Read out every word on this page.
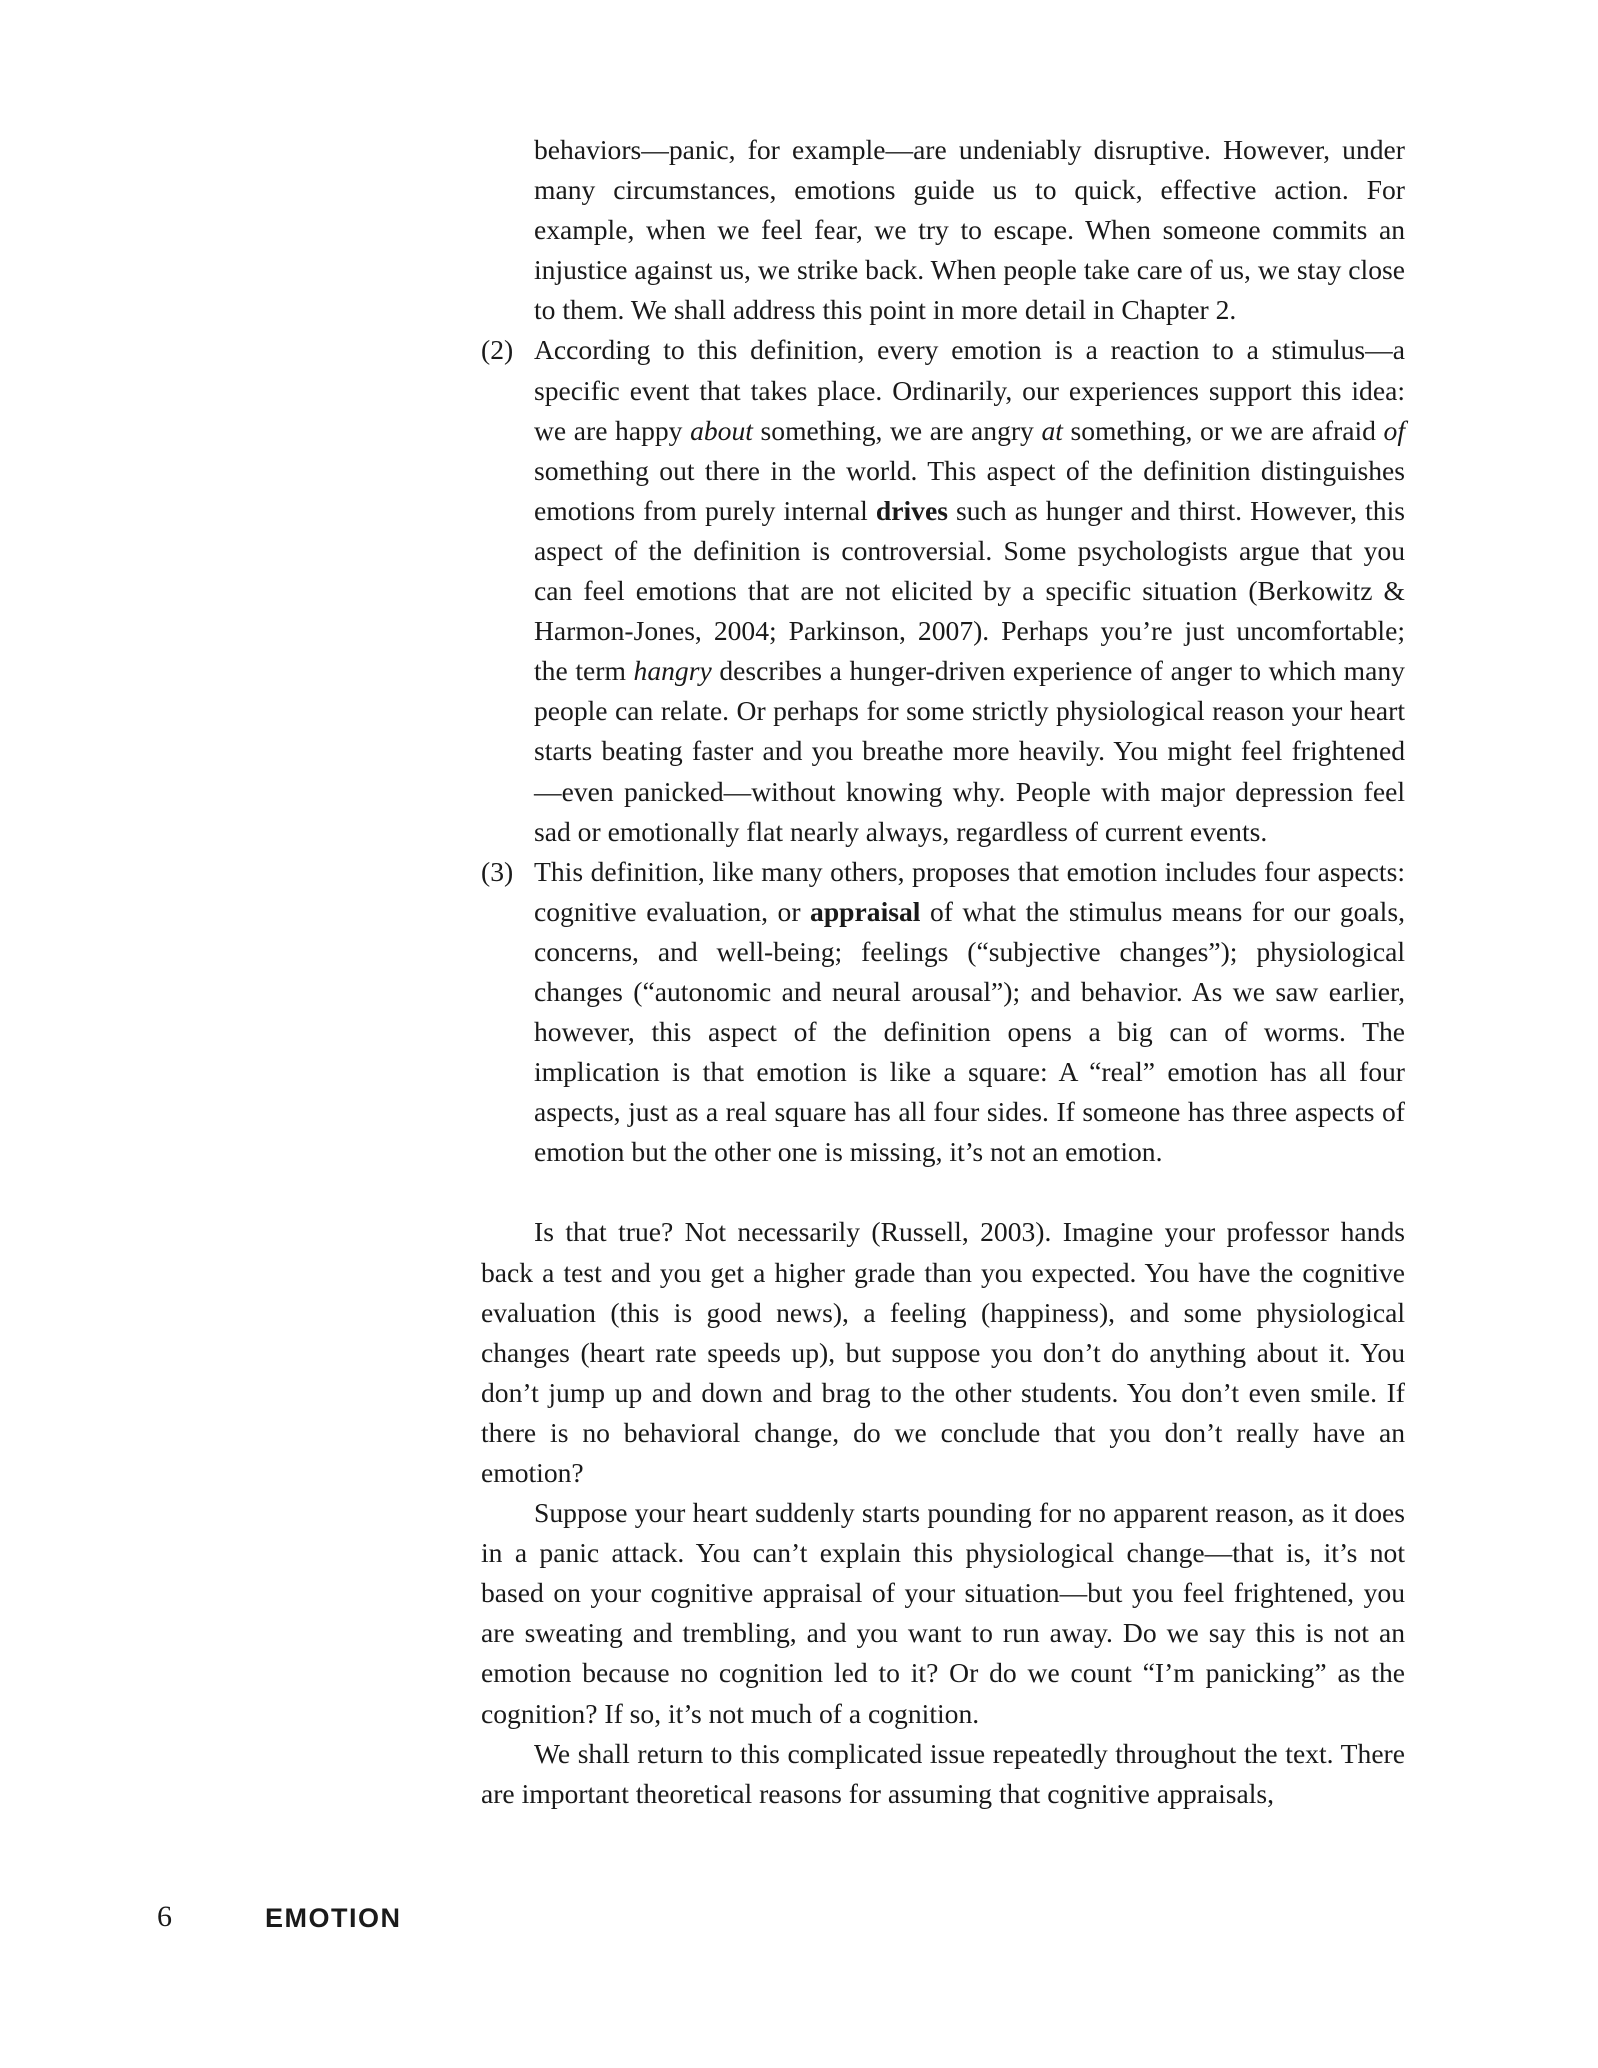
behaviors—panic, for example—are undeniably disruptive. However, under many circumstances, emotions guide us to quick, effective action. For example, when we feel fear, we try to escape. When someone commits an injustice against us, we strike back. When people take care of us, we stay close to them. We shall address this point in more detail in Chapter 2.

(2) According to this definition, every emotion is a reaction to a stimulus—a specific event that takes place. Ordinarily, our experiences support this idea: we are happy about something, we are angry at something, or we are afraid of something out there in the world. This aspect of the definition distinguishes emotions from purely internal drives such as hunger and thirst. However, this aspect of the definition is controversial. Some psychologists argue that you can feel emotions that are not elicited by a specific situation (Berkowitz & Harmon-Jones, 2004; Parkinson, 2007). Perhaps you’re just uncomfortable; the term hangry describes a hunger-driven experience of anger to which many people can relate. Or perhaps for some strictly physiological reason your heart starts beating faster and you breathe more heavily. You might feel frightened—even panicked—without knowing why. People with major depression feel sad or emotionally flat nearly always, regardless of current events.

(3) This definition, like many others, proposes that emotion includes four aspects: cognitive evaluation, or appraisal of what the stimulus means for our goals, concerns, and well-being; feelings (“subjective changes”); physiological changes (“autonomic and neural arousal”); and behavior. As we saw earlier, however, this aspect of the definition opens a big can of worms. The implication is that emotion is like a square: A “real” emotion has all four aspects, just as a real square has all four sides. If someone has three aspects of emotion but the other one is missing, it’s not an emotion.

Is that true? Not necessarily (Russell, 2003). Imagine your professor hands back a test and you get a higher grade than you expected. You have the cognitive evaluation (this is good news), a feeling (happiness), and some physiological changes (heart rate speeds up), but suppose you don’t do anything about it. You don’t jump up and down and brag to the other students. You don’t even smile. If there is no behavioral change, do we conclude that you don’t really have an emotion?

Suppose your heart suddenly starts pounding for no apparent reason, as it does in a panic attack. You can’t explain this physiological change—that is, it’s not based on your cognitive appraisal of your situation—but you feel frightened, you are sweating and trembling, and you want to run away. Do we say this is not an emotion because no cognition led to it? Or do we count “I’m panicking” as the cognition? If so, it’s not much of a cognition.

We shall return to this complicated issue repeatedly throughout the text. There are important theoretical reasons for assuming that cognitive appraisals,

6	EMOTION
